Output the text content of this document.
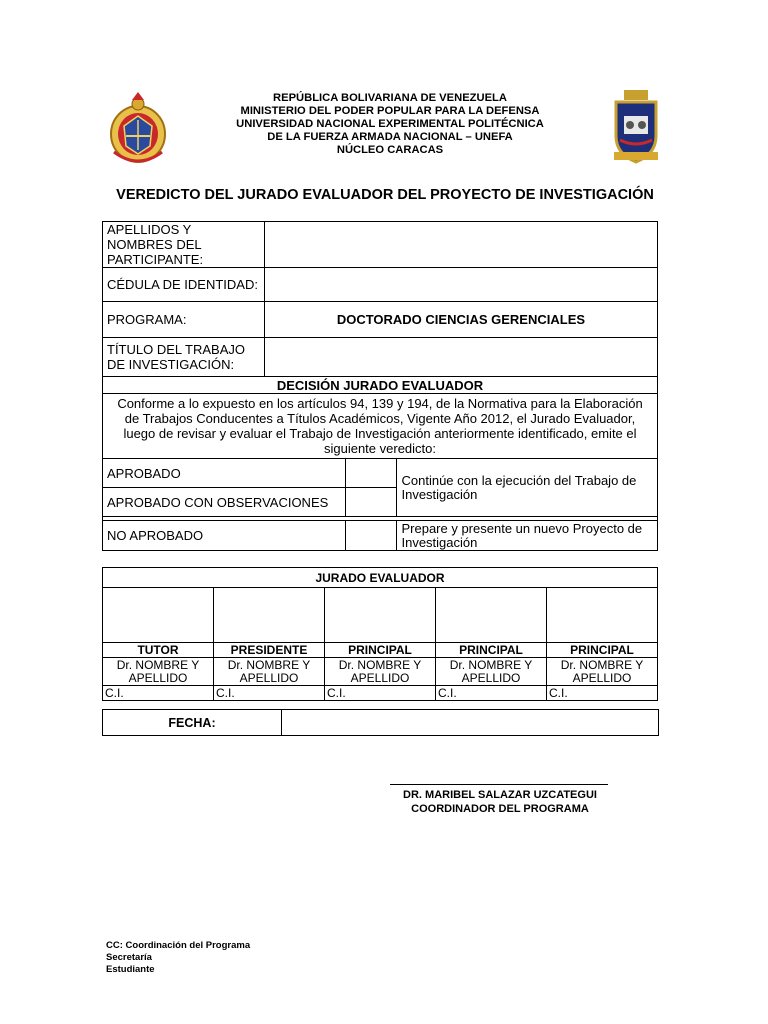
REPÚBLICA BOLIVARIANA DE VENEZUELA
MINISTERIO DEL PODER POPULAR PARA LA DEFENSA
UNIVERSIDAD NACIONAL EXPERIMENTAL POLITÉCNICA
DE LA FUERZA ARMADA NACIONAL – UNEFA
NÚCLEO CARACAS
VEREDICTO DEL JURADO EVALUADOR DEL PROYECTO DE INVESTIGACIÓN
APELLIDOS Y NOMBRES DEL PARTICIPANTE:			
CÉDULA DE IDENTIDAD:			
PROGRAMA:	DOCTORADO CIENCIAS GERENCIALES		
TÍTULO DEL TRABAJO DE INVESTIGACIÓN:			
DECISIÓN JURADO EVALUADOR			
Conforme a lo expuesto en los artículos 94, 139 y 194, de la Normativa para la Elaboración de Trabajos Conducentes a Títulos Académicos, Vigente Año 2012, el Jurado Evaluador, luego de revisar y evaluar el Trabajo de Investigación anteriormente identificado, emite el siguiente veredicto:			
APROBADO			Continúe con la ejecución del Trabajo de Investigación
APROBADO CON OBSERVACIONES			

NO APROBADO			Prepare y presente un nuevo Proyecto de Investigación
JURADO EVALUADOR				

TUTOR	PRESIDENTE	PRINCIPAL	PRINCIPAL	PRINCIPAL
Dr. NOMBRE Y APELLIDO	Dr. NOMBRE Y APELLIDO	Dr. NOMBRE Y APELLIDO	Dr. NOMBRE Y APELLIDO	Dr. NOMBRE Y APELLIDO
C.I.	C.I.	C.I.	C.I.	C.I.
FECHA:	
DR. MARIBEL SALAZAR UZCATEGUI
COORDINADOR DEL PROGRAMA
CC: Coordinación del Programa
Secretaría
Estudiante
